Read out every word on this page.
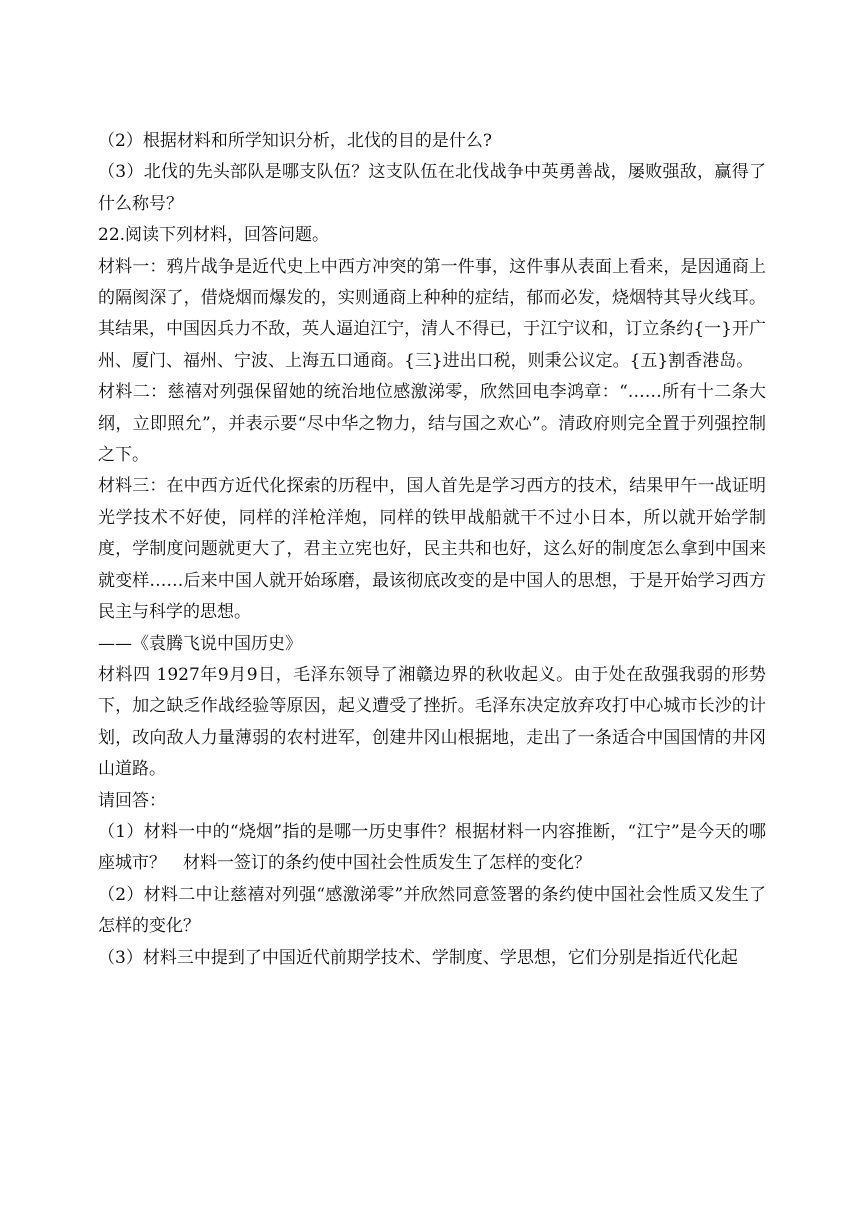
（2）根据材料和所学知识分析，北伐的目的是什么?

（3）北伐的先头部队是哪支队伍？这支队伍在北伐战争中英勇善战，屡败强敌，赢得了什么称号？

22.阅读下列材料，回答问题。

材料一：鸦片战争是近代史上中西方冲突的第一件事，这件事从表面上看来，是因通商上的隔阂深了，借烧烟而爆发的，实则通商上种种的症结，郁而必发，烧烟特其导火线耳。其结果，中国因兵力不敌，英人逼迫江宁，清人不得已，于江宁议和，订立条约{一}开广州、厦门、福州、宁波、上海五口通商。{三}进出口税，则秉公议定。{五}割香港岛。

材料二：慈禧对列强保留她的统治地位感激涕零，欣然回电李鸿章：“……所有十二条大纲，立即照允”，并表示要“尽中华之物力，结与国之欢心”。清政府则完全置于列强控制之下。

材料三：在中西方近代化探索的历程中，国人首先是学习西方的技术，结果甲午一战证明光学技术不好使，同样的洋枪洋炮，同样的铁甲战船就干不过小日本，所以就开始学制度，学制度问题就更大了，君主立宪也好，民主共和也好，这么好的制度怎么拿到中国来就变样……后来中国人就开始琢磨，最该彻底改变的是中国人的思想，于是开始学习西方民主与科学的思想。

——《袁腾飞说中国历史》

材料四 1927年9月9日，毛泽东领导了湘赣边界的秋收起义。由于处在敌强我弱的形势下，加之缺乏作战经验等原因，起义遭受了挫折。毛泽东决定放弃攻打中心城市长沙的计划，改向敌人力量薄弱的农村进军，创建井冈山根据地，走出了一条适合中国国情的井冈山道路。

请回答：

（1）材料一中的“烧烟”指的是哪一历史事件？根据材料一内容推断，“江宁”是今天的哪座城市？　材料一签订的条约使中国社会性质发生了怎样的变化？

（2）材料二中让慈禧对列强“感激涕零”并欣然同意签署的条约使中国社会性质又发生了怎样的变化？

（3）材料三中提到了中国近代前期学技术、学制度、学思想，它们分别是指近代化起
